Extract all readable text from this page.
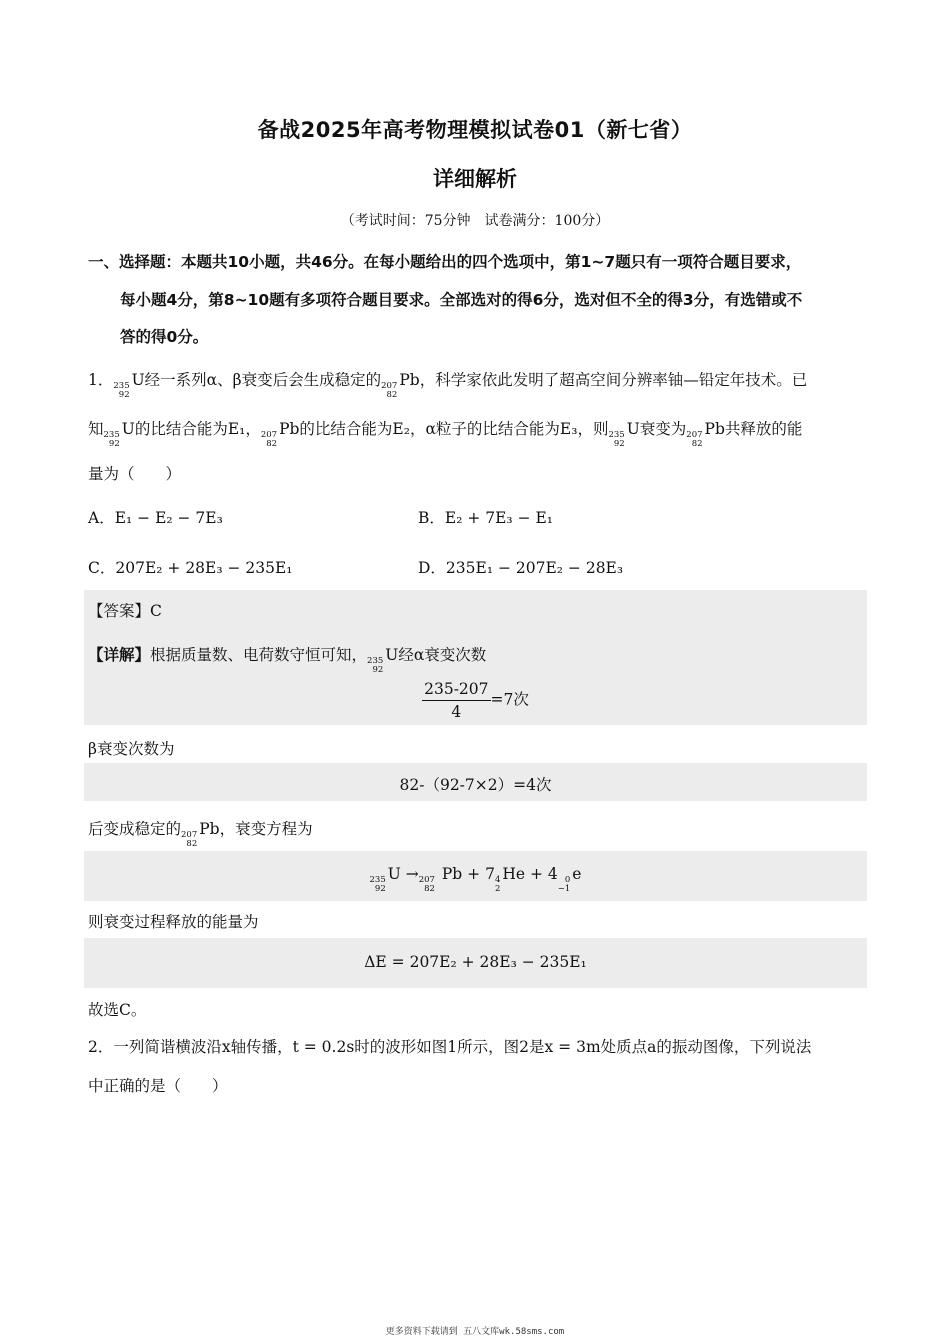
备战2025年高考物理模拟试卷01（新七省）
详细解析
（考试时间：75分钟　试卷满分：100分）
一、选择题：本题共10小题，共46分。在每小题给出的四个选项中，第1~7题只有一项符合题目要求，
每小题4分，第8~10题有多项符合题目要求。全部选对的得6分，选对但不全的得3分，有选错或不
答的得0分。
1． 235
92
U经一系列α、β衰变后会生成稳定的 207
82
Pb，科学家依此发明了超高空间分辨率铀—铅定年技术。已
知 235
92
U的比结合能为E₁， 207
82
Pb的比结合能为E₂，α粒子的比结合能为E₃，则 235
92
U衰变为 207
82
Pb共释放的能
量为（　　）
A．E₁ − E₂ − 7E₃	B．E₂ + 7E₃ − E₁
C．207E₂ + 28E₃ − 235E₁	D．235E₁ − 207E₂ − 28E₃
【答案】C
【详解】根据质量数、电荷数守恒可知， 235
92
U经α衰变次数
$\frac{235-207}{4} =7$次
β衰变次数为
82-（92-7×2）=4次
后变成稳定的 207
82
Pb，衰变方程为
235
92
U → 207
82
Pb + 7 4
2
He + 4 0
−1
e
则衰变过程释放的能量为
ΔE = 207E₂ + 28E₃ − 235E₁
故选C。
2．一列简谐横波沿x轴传播，t = 0.2s时的波形如图1所示，图2是x = 3m处质点a的振动图像，下列说法
中正确的是（　　）
更多资料下载请到 五八文库wk.58sms.com
